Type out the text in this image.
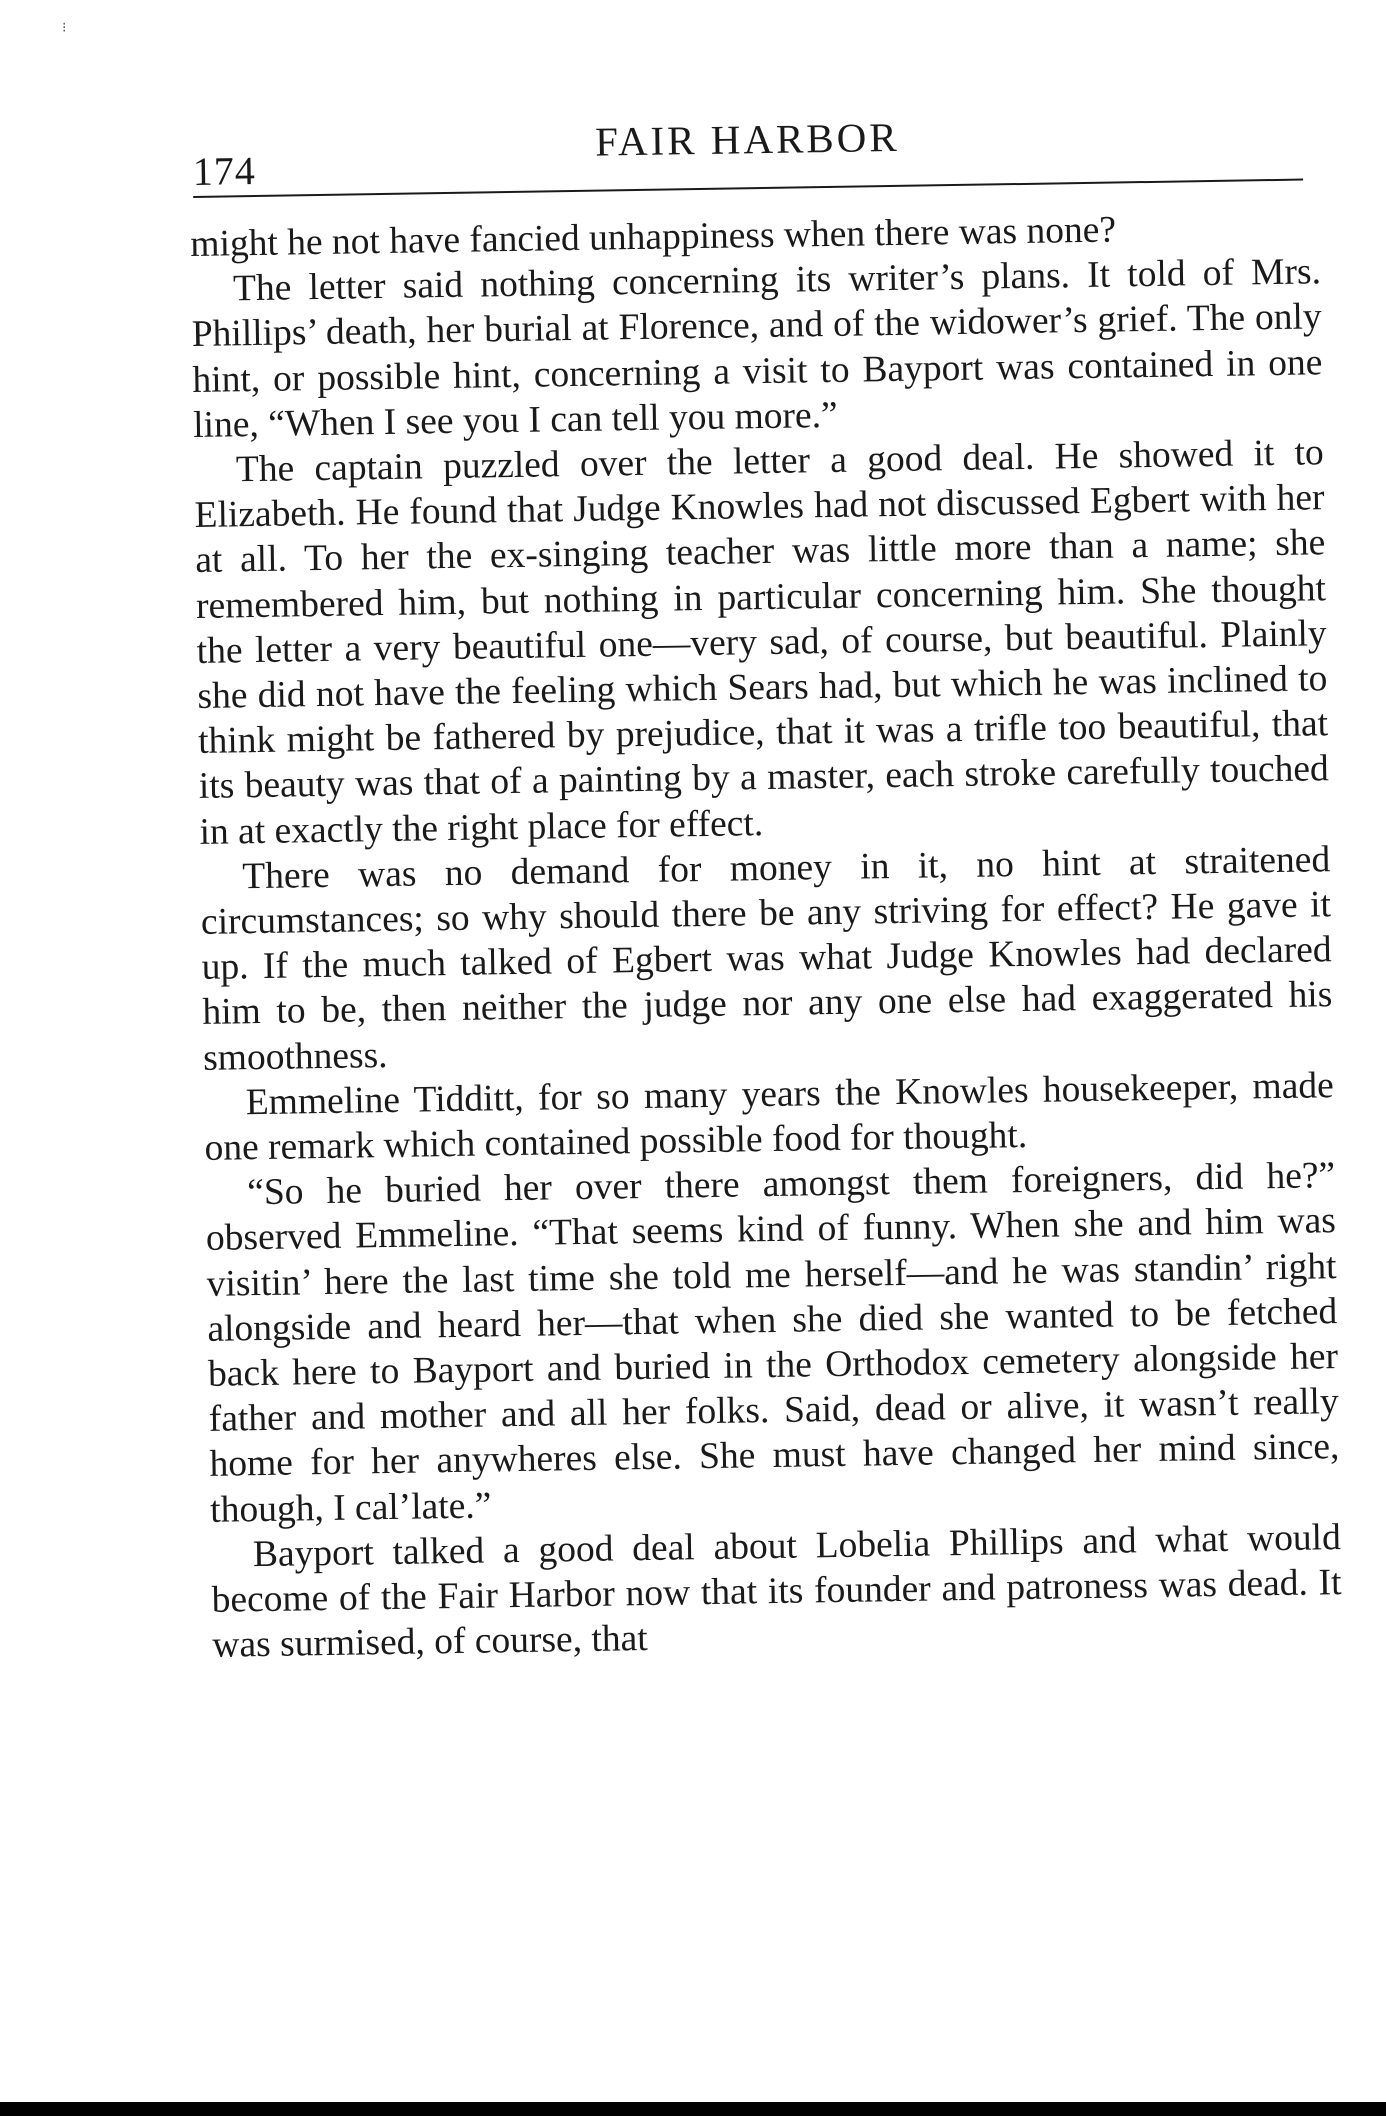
⁝
174
FAIR HARBOR

might he not have fancied unhappiness when there was none?

The letter said nothing concerning its writer’s plans. It told of Mrs. Phillips’ death, her burial at Florence, and of the widower’s grief. The only hint, or possible hint, concerning a visit to Bayport was contained in one line, “When I see you I can tell you more.”

The captain puzzled over the letter a good deal. He showed it to Elizabeth. He found that Judge Knowles had not discussed Egbert with her at all. To her the ex-singing teacher was little more than a name; she remembered him, but nothing in particular concerning him. She thought the letter a very beautiful one—very sad, of course, but beautiful. Plainly she did not have the feeling which Sears had, but which he was inclined to think might be fathered by prejudice, that it was a trifle too beautiful, that its beauty was that of a painting by a master, each stroke carefully touched in at exactly the right place for effect.

There was no demand for money in it, no hint at straitened circumstances; so why should there be any striving for effect? He gave it up. If the much talked of Egbert was what Judge Knowles had declared him to be, then neither the judge nor any one else had exaggerated his smoothness.

Emmeline Tidditt, for so many years the Knowles housekeeper, made one remark which contained possible food for thought.

“So he buried her over there amongst them foreigners, did he?” observed Emmeline. “That seems kind of funny. When she and him was visitin’ here the last time she told me herself—and he was standin’ right alongside and heard her—that when she died she wanted to be fetched back here to Bayport and buried in the Orthodox cemetery alongside her father and mother and all her folks. Said, dead or alive, it wasn’t really home for her anywheres else. She must have changed her mind since, though, I cal’late.”

Bayport talked a good deal about Lobelia Phillips and what would become of the Fair Harbor now that its founder and patroness was dead. It was surmised, of course, that
